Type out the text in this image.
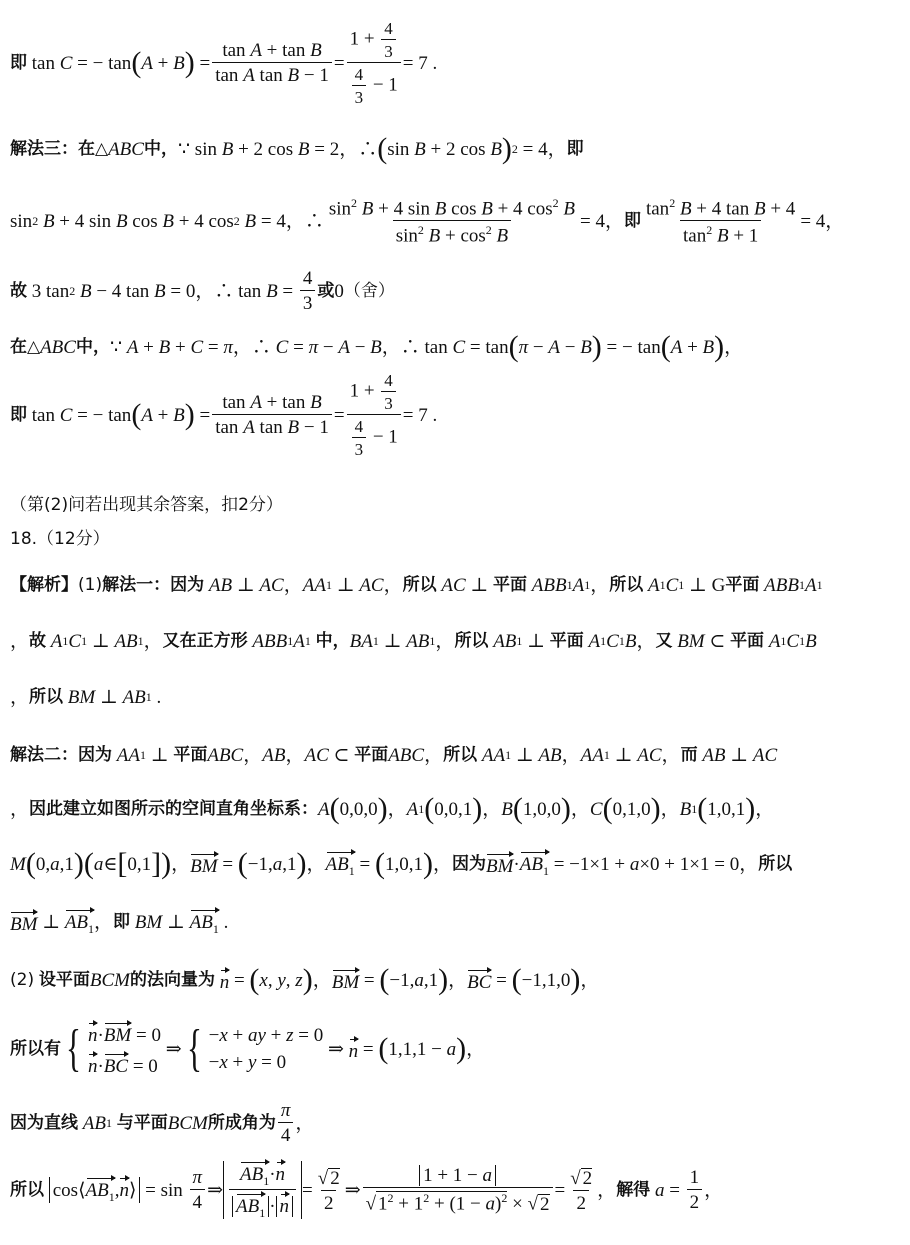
即 tan C = − tan ( A + B ) = $\frac{\text{tan A + tan B}}{\text{tan A tan B − 1}} = \frac{1 + \frac{4}{3}}{\frac{4}{3} - 1} = 7$ .
解法三：在△ ABC 中， ∵ sin B + 2 cos B = 2，∴ ( sin B + 2 cos B ) 2 = 4， 即
sin 2
B + 4 sin B cos B + 4 cos 2
B = 4，∴ $\frac{\sin^2 B + 4 \sin B \cos B + 4 \cos^2 B}{\sin^2 B + \cos^2 B} = 4$， 即 $\frac{\tan^2 B + 4 \tan B + 4}{\tan^2 B + 1} = 4$，
故 3 tan 2
B − 4 tan B = 0，∴ $\tan B = \frac{4}{3}$ 或 0 （舍）
在△ ABC 中， ∵ A + B + C = π ，∴ C = π − A − B ，∴ tan C = tan ( π − A − B ) = − tan ( A + B ) ，
即 tan C = − tan ( A + B ) = $\frac{\text{tan A + tan B}}{\text{tan A tan B − 1}} = \frac{1 + \frac{4}{3}}{\frac{4}{3} - 1} = 7$ .
（第(2)问若出现其余答案，扣2分）
18.（12分）
【解析】 (1) 解法一：因为
AB ⊥ AC ， AA 1 ⊥ AC ， 所以
AC ⊥ 平面
ABB 1 A 1 ， 所以
A 1 C 1 ⊥ G 平面
ABB 1 A 1
， 故
A 1 C 1 ⊥ AB 1 ， 又在正方形
ABB 1 A 1
中， BA 1 ⊥ AB 1 ， 所以
AB 1 ⊥ 平面
A 1 C 1 B ， 又
BM ⊂ 平面
A 1 C 1 B
， 所以
BM ⊥ AB 1 .
解法二：因为
AA 1 ⊥ 平面 ABC ， AB ， AC ⊂ 平面 ABC ， 所以
AA 1 ⊥ AB ， AA 1 ⊥ AC ， 而
AB ⊥ AC
， 因此建立如图所示的空间直角坐标系： A ( 0,0,0 ) ， A 1 ( 0,0,1 ) ， B ( 1,0,0 ) ， C ( 0,1,0 ) ， B 1 ( 1,0,1 ) ，
M ( 0, a ,1 )( a ∈ [ 0,1 ]) ， BM = ( −1, a ,1 ) ， $AB_1$ = ( 1,0,1 ) ， 因为 BM · $AB_1 = -1\times 1 + a \times 0 + 1\times 1 = 0$， 所以
BM ⊥ $AB_1$ ， 即
BM ⊥ $AB_1$ .
(2)
设平面 BCM 的法向量为
n = ( x , y , z ) ， BM = ( −1, a ,1 ) ， BC = ( −1,1,0 ) ，
所以有 { n·BM = 0
n·BC = 0
⇒ { −x + ay + z = 0
−x + y = 0
⇒ n = ( 1,1,1 − a ) ，
因为直线
AB 1
与平面 BCM 所成角为 $\frac{\pi}{4}$ ，
所以
$\cos⟨AB_1,n⟩ = \sin \frac{\pi}{4}$ ⇒ $\frac{AB_1\cdot n}{AB_1 \cdot n} = \frac{√ 2}{2}$ ⇒ $\frac{1 + 1 - a}{√ 1^2 + 1^2 + (1 - a)^2 \times √ 2} = \frac{√ 2}{2}$ ， 解得
$a = \frac{1}{2}$ ，
